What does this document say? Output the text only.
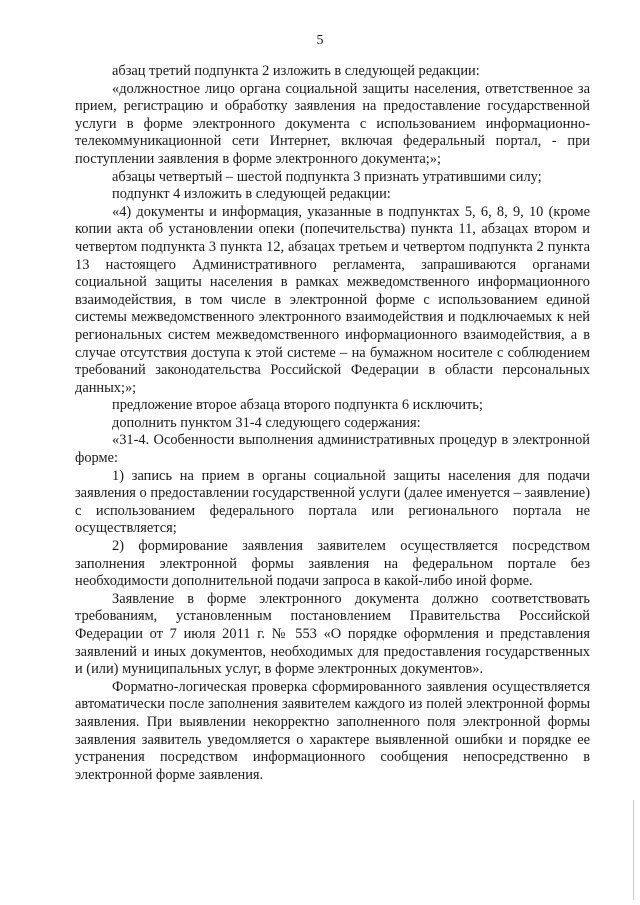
5

абзац третий подпункта 2 изложить в следующей редакции:

«должностное лицо органа социальной защиты населения, ответственное за прием, регистрацию и обработку заявления на предоставление государственной услуги в форме электронного документа с использованием информационно-телекоммуникационной сети Интернет, включая федеральный портал, - при поступлении заявления в форме электронного документа;»;

абзацы четвертый – шестой подпункта 3 признать утратившими силу;

подпункт 4 изложить в следующей редакции:

«4) документы и информация, указанные в подпунктах 5, 6, 8, 9, 10 (кроме копии акта об установлении опеки (попечительства) пункта 11, абзацах втором и четвертом подпункта 3 пункта 12, абзацах третьем и четвертом подпункта 2 пункта 13 настоящего Административного регламента, запрашиваются органами социальной защиты населения в рамках межведомственного информационного взаимодействия, в том числе в электронной форме с использованием единой системы межведомственного электронного взаимодействия и подключаемых к ней региональных систем межведомственного информационного взаимодействия, а в случае отсутствия доступа к этой системе – на бумажном носителе с соблюдением требований законодательства Российской Федерации в области персональных данных;»;

предложение второе абзаца второго подпункта 6 исключить;

дополнить пунктом 31-4 следующего содержания:

«31-4. Особенности выполнения административных процедур в электронной форме:

1) запись на прием в органы социальной защиты населения для подачи заявления о предоставлении государственной услуги (далее именуется – заявление) с использованием федерального портала или регионального портала не осуществляется;

2) формирование заявления заявителем осуществляется посредством заполнения электронной формы заявления на федеральном портале без необходимости дополнительной подачи запроса в какой-либо иной форме.

Заявление в форме электронного документа должно соответствовать требованиям, установленным постановлением Правительства Российской Федерации от 7 июля 2011 г. № 553 «О порядке оформления и представления заявлений и иных документов, необходимых для предоставления государственных и (или) муниципальных услуг, в форме электронных документов».

Форматно-логическая проверка сформированного заявления осуществляется автоматически после заполнения заявителем каждого из полей электронной формы заявления. При выявлении некорректно заполненного поля электронной формы заявления заявитель уведомляется о характере выявленной ошибки и порядке ее устранения посредством информационного сообщения непосредственно в электронной форме заявления.
